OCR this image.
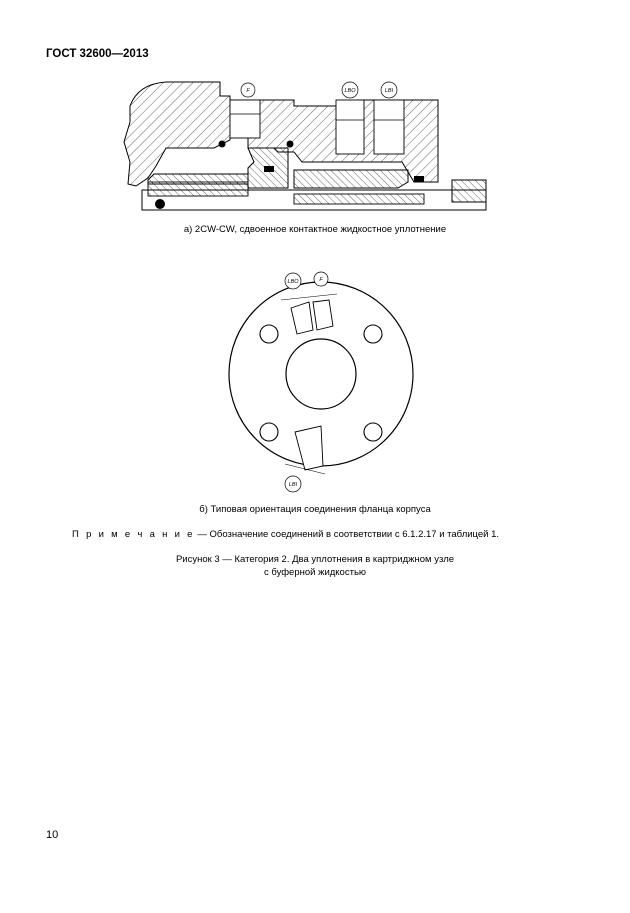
ГОСТ 32600—2013
F	LBO	LBI
а) 2CW-CW, сдвоенное контактное жидкостное уплотнение
LBO	F
LBI
б) Типовая ориентация соединения фланца корпуса
П р и м е ч а н и е — Обозначение соединений в соответствии с 6.1.2.17 и таблицей 1.
Рисунок 3 — Категория 2. Два уплотнения в картриджном узле
с буферной жидкостью
10
